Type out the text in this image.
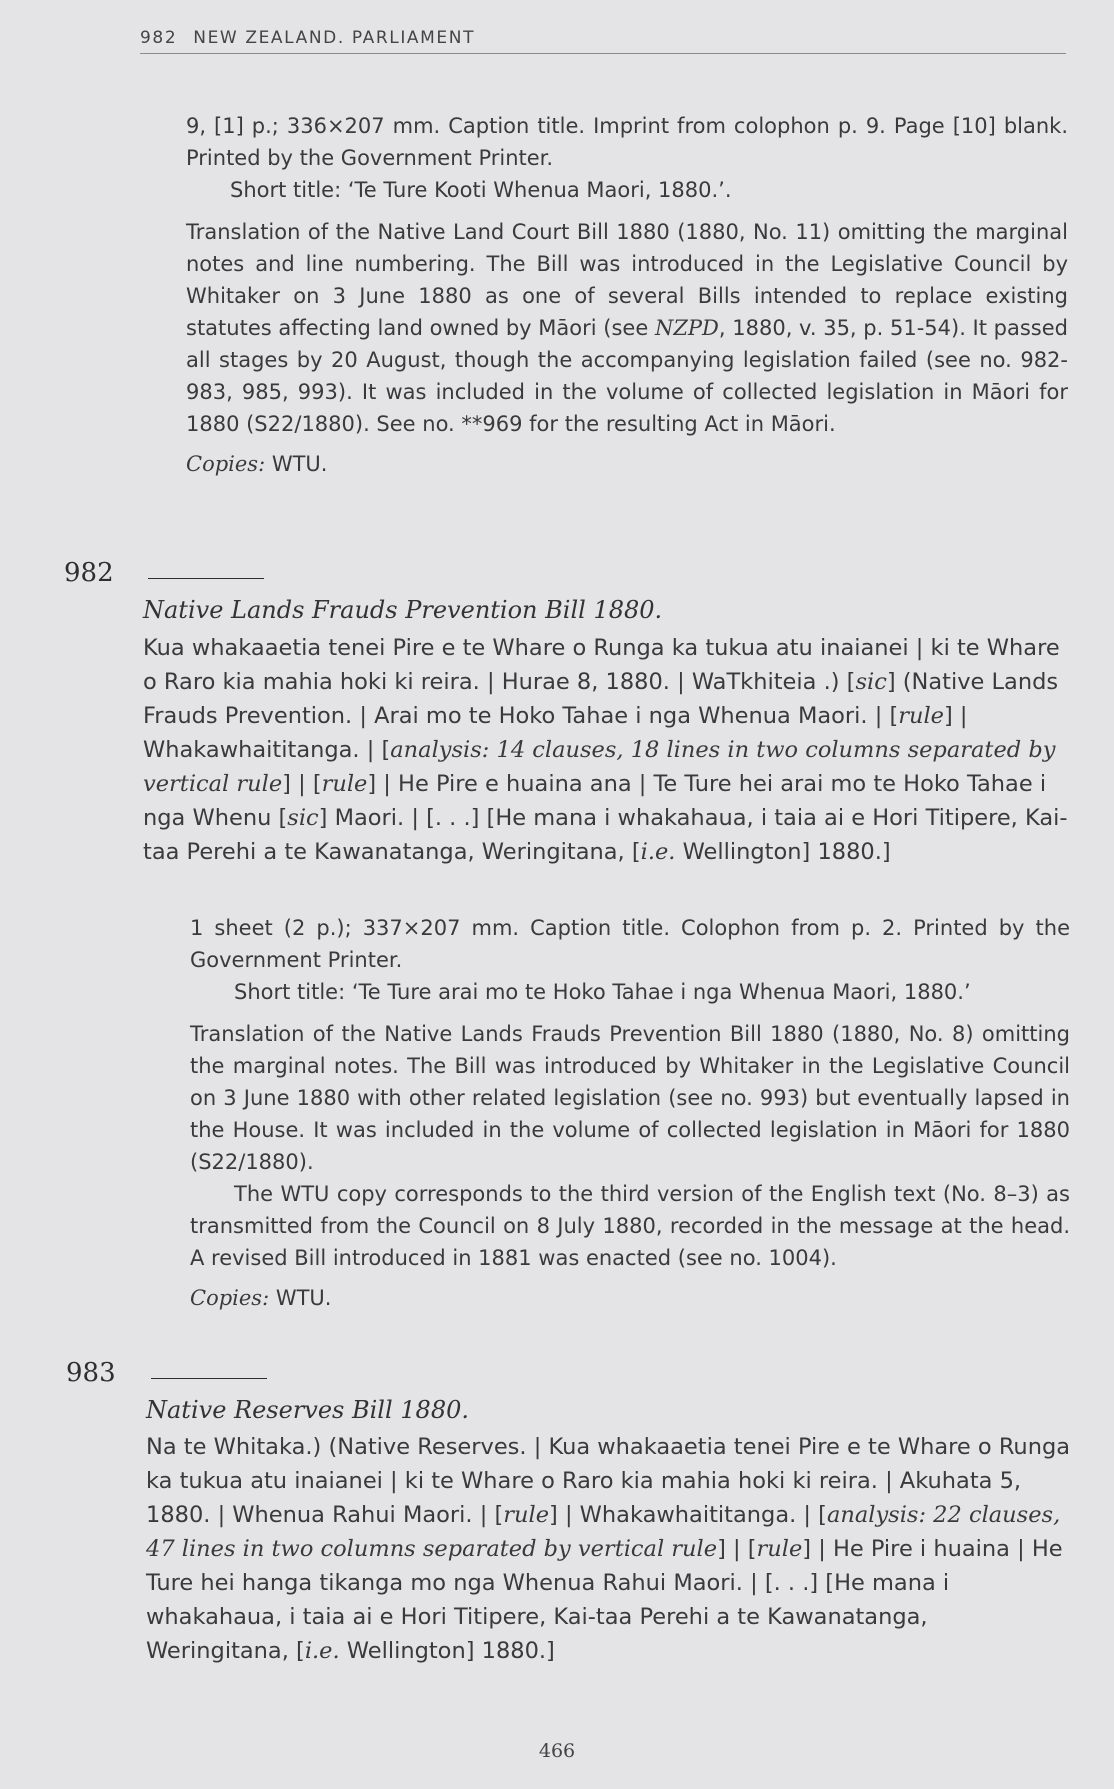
982 NEW ZEALAND. PARLIAMENT

9, [1] p.; 336×207 mm. Caption title. Imprint from colophon p. 9. Page [10] blank. Printed by the Government Printer.

Short title: ‘Te Ture Kooti Whenua Maori, 1880.’.

Translation of the Native Land Court Bill 1880 (1880, No. 11) omitting the marginal notes and line numbering. The Bill was introduced in the Legislative Council by Whitaker on 3 June 1880 as one of several Bills intended to replace existing statutes affecting land owned by Māori (see NZPD, 1880, v. 35, p. 51-54). It passed all stages by 20 August, though the accompanying legislation failed (see no. 982-983, 985, 993). It was included in the volume of collected legislation in Māori for 1880 (S22/1880). See no. **969 for the resulting Act in Māori.

Copies: WTU.

982
Native Lands Frauds Prevention Bill 1880.

Kua whakaaetia tenei Pire e te Whare o Runga ka tukua atu inaianei | ki te Whare o Raro kia mahia hoki ki reira. | Hurae 8, 1880. | WaTkhiteia .) [sic] (Native Lands Frauds Prevention. | Arai mo te Hoko Tahae i nga Whenua Maori. | [rule] | Whakawhaititanga. | [analysis: 14 clauses, 18 lines in two columns separated by vertical rule] | [rule] | He Pire e huaina ana | Te Ture hei arai mo te Hoko Tahae i nga Whenu [sic] Maori. | [. . .] [He mana i whakahaua, i taia ai e Hori Titipere, Kai-taa Perehi a te Kawanatanga, Weringitana, [i.e. Wellington] 1880.]

1 sheet (2 p.); 337×207 mm. Caption title. Colophon from p. 2. Printed by the Government Printer.

Short title: ‘Te Ture arai mo te Hoko Tahae i nga Whenua Maori, 1880.’

Translation of the Native Lands Frauds Prevention Bill 1880 (1880, No. 8) omitting the marginal notes. The Bill was introduced by Whitaker in the Legislative Council on 3 June 1880 with other related legislation (see no. 993) but eventually lapsed in the House. It was included in the volume of collected legislation in Māori for 1880 (S22/1880).

The WTU copy corresponds to the third version of the English text (No. 8–3) as transmitted from the Council on 8 July 1880, recorded in the message at the head. A revised Bill introduced in 1881 was enacted (see no. 1004).

Copies: WTU.

983
Native Reserves Bill 1880.

Na te Whitaka.) (Native Reserves. | Kua whakaaetia tenei Pire e te Whare o Runga ka tukua atu inaianei | ki te Whare o Raro kia mahia hoki ki reira. | Akuhata 5, 1880. | Whenua Rahui Maori. | [rule] | Whakawhaititanga. | [analysis: 22 clauses, 47 lines in two columns separated by vertical rule] | [rule] | He Pire i huaina | He Ture hei hanga tikanga mo nga Whenua Rahui Maori. | [. . .] [He mana i whakahaua, i taia ai e Hori Titipere, Kai-taa Perehi a te Kawanatanga, Weringitana, [i.e. Wellington] 1880.]

466
